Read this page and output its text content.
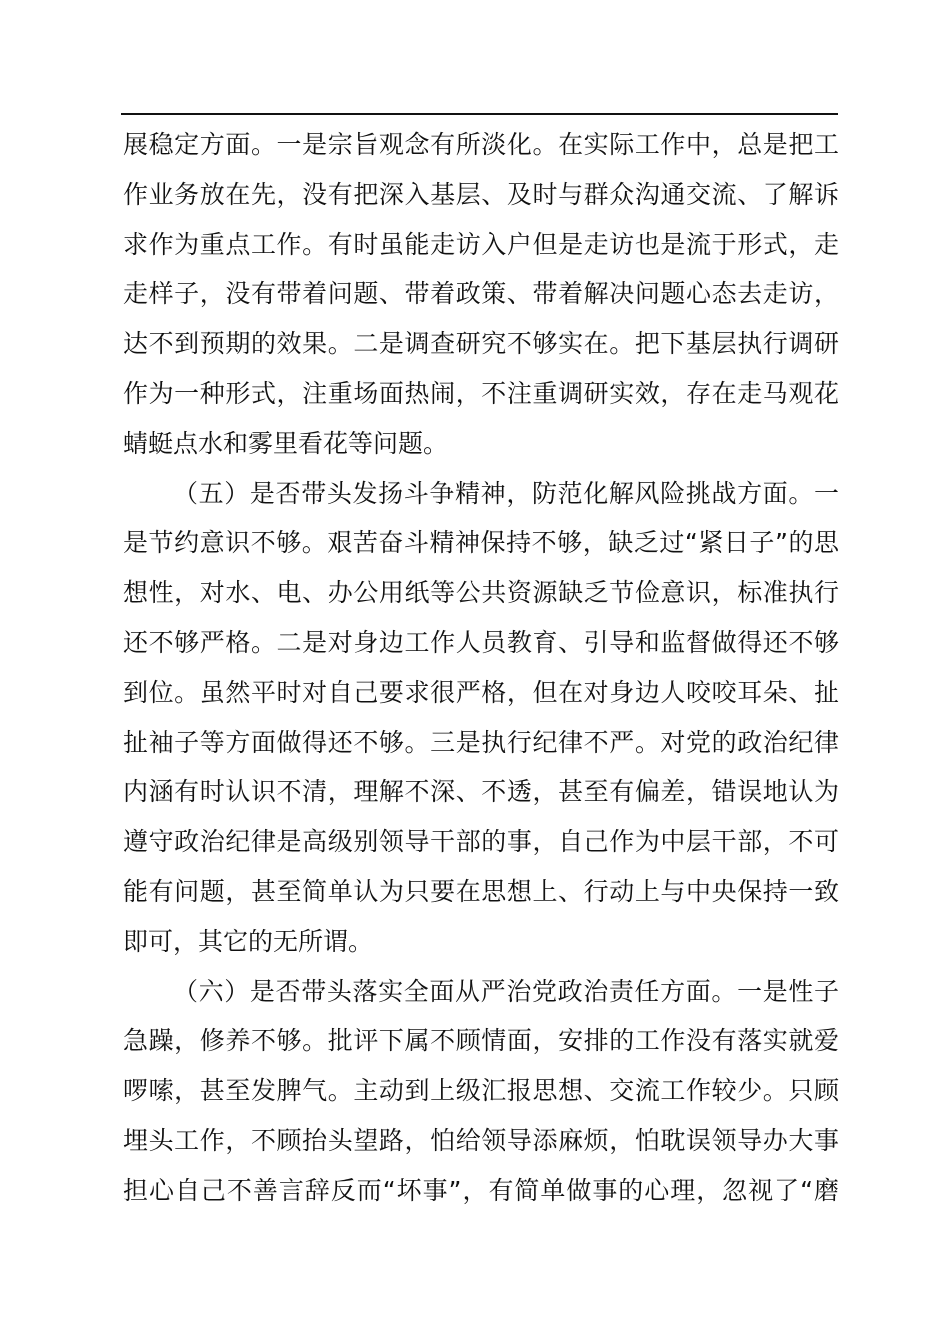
展稳定方面。一是宗旨观念有所淡化。在实际工作中，总是把工
作业务放在先，没有把深入基层、及时与群众沟通交流、了解诉
求作为重点工作。有时虽能走访入户但是走访也是流于形式，走
走样子，没有带着问题、带着政策、带着解决问题心态去走访，
达不到预期的效果。二是调查研究不够实在。把下基层执行调研
作为一种形式，注重场面热闹，不注重调研实效，存在走马观花
蜻蜓点水和雾里看花等问题。
（五）是否带头发扬斗争精神，防范化解风险挑战方面。一
是节约意识不够。艰苦奋斗精神保持不够，缺乏过“紧日子”的思
想性，对水、电、办公用纸等公共资源缺乏节俭意识，标准执行
还不够严格。二是对身边工作人员教育、引导和监督做得还不够
到位。虽然平时对自己要求很严格，但在对身边人咬咬耳朵、扯
扯袖子等方面做得还不够。三是执行纪律不严。对党的政治纪律
内涵有时认识不清，理解不深、不透，甚至有偏差，错误地认为
遵守政治纪律是高级别领导干部的事，自己作为中层干部，不可
能有问题，甚至简单认为只要在思想上、行动上与中央保持一致
即可，其它的无所谓。
（六）是否带头落实全面从严治党政治责任方面。一是性子
急躁，修养不够。批评下属不顾情面，安排的工作没有落实就爱
啰嗦，甚至发脾气。主动到上级汇报思想、交流工作较少。只顾
埋头工作，不顾抬头望路，怕给领导添麻烦，怕耽误领导办大事
担心自己不善言辞反而“坏事”，有简单做事的心理，忽视了“磨
